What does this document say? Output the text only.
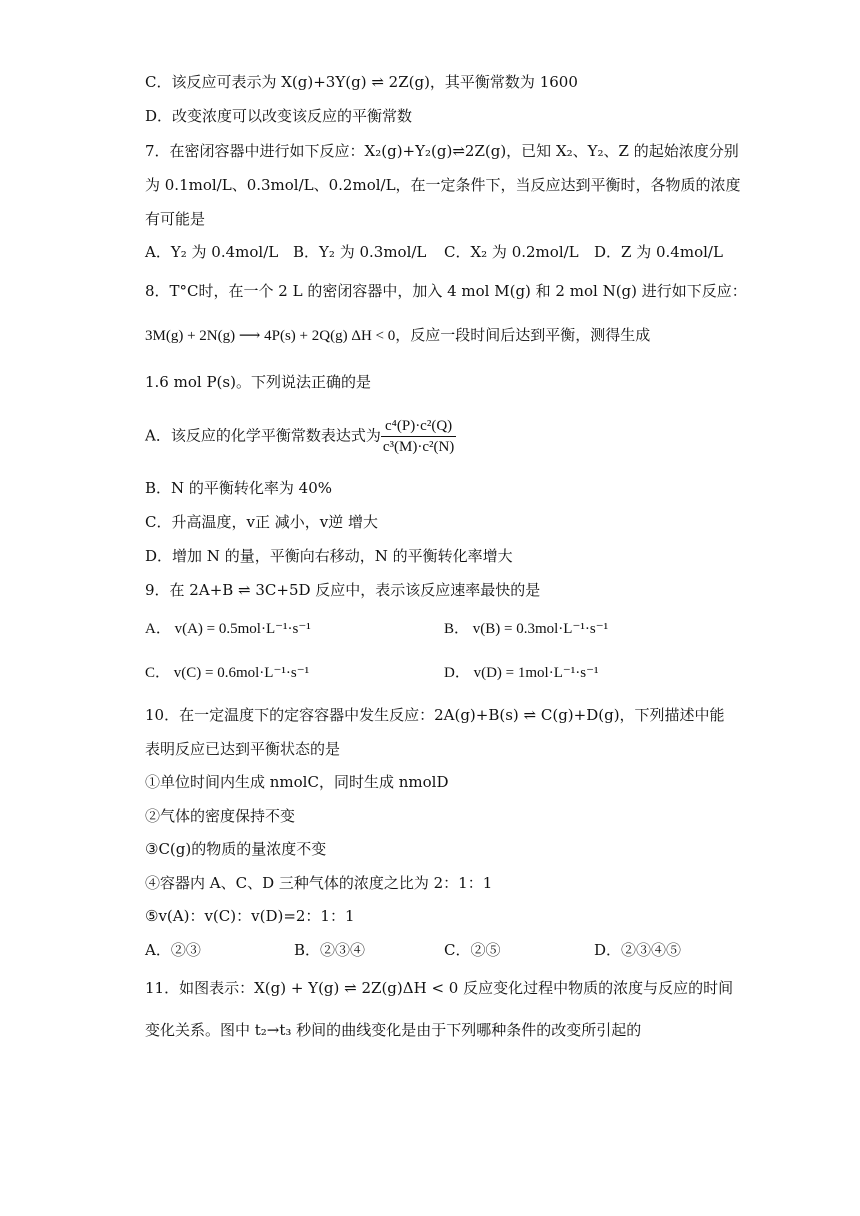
C．该反应可表示为 X(g)+3Y(g) ⇌ 2Z(g)，其平衡常数为 1600
D．改变浓度可以改变该反应的平衡常数
7．在密闭容器中进行如下反应：X₂(g)+Y₂(g)⇌2Z(g)，已知 X₂、Y₂、Z 的起始浓度分别
为 0.1mol/L、0.3mol/L、0.2mol/L，在一定条件下，当反应达到平衡时，各物质的浓度
有可能是
A．Y₂ 为 0.4mol/L B．Y₂ 为 0.3mol/L C．X₂ 为 0.2mol/L D．Z 为 0.4mol/L
8．T°C时，在一个 2 L 的密闭容器中，加入 4 mol M(g) 和 2 mol N(g) 进行如下反应：
3M(g) + 2N(g) ⟶ 4P(s) + 2Q(g) ΔH < 0，反应一段时间后达到平衡，测得生成
1.6 mol P(s)。下列说法正确的是
A．该反应的化学平衡常数表达式为 $\frac{\text{c⁴(P)·c²(Q)}}{\text{c³(M)·c²(N)}}$
B．N 的平衡转化率为 40%
C．升高温度，v正 减小，v逆 增大
D．增加 N 的量，平衡向右移动，N 的平衡转化率增大
9．在 2A+B ⇌ 3C+5D 反应中，表示该反应速率最快的是
A． v(A) = 0.5mol·L⁻¹·s⁻¹	B． v(B) = 0.3mol·L⁻¹·s⁻¹
C． v(C) = 0.6mol·L⁻¹·s⁻¹	D． v(D) = 1mol·L⁻¹·s⁻¹
10．在一定温度下的定容容器中发生反应：2A(g)+B(s) ⇌ C(g)+D(g)，下列描述中能
表明反应已达到平衡状态的是
①单位时间内生成 nmolC，同时生成 nmolD
②气体的密度保持不变
③C(g)的物质的量浓度不变
④容器内 A、C、D 三种气体的浓度之比为 2：1：1
⑤v(A)：v(C)：v(D)=2：1：1
A．②③	B．②③④	C．②⑤	D．②③④⑤
11．如图表示：X(g) + Y(g) ⇌ 2Z(g)ΔH < 0 反应变化过程中物质的浓度与反应的时间
变化关系。图中 t₂→t₃ 秒间的曲线变化是由于下列哪种条件的改变所引起的
